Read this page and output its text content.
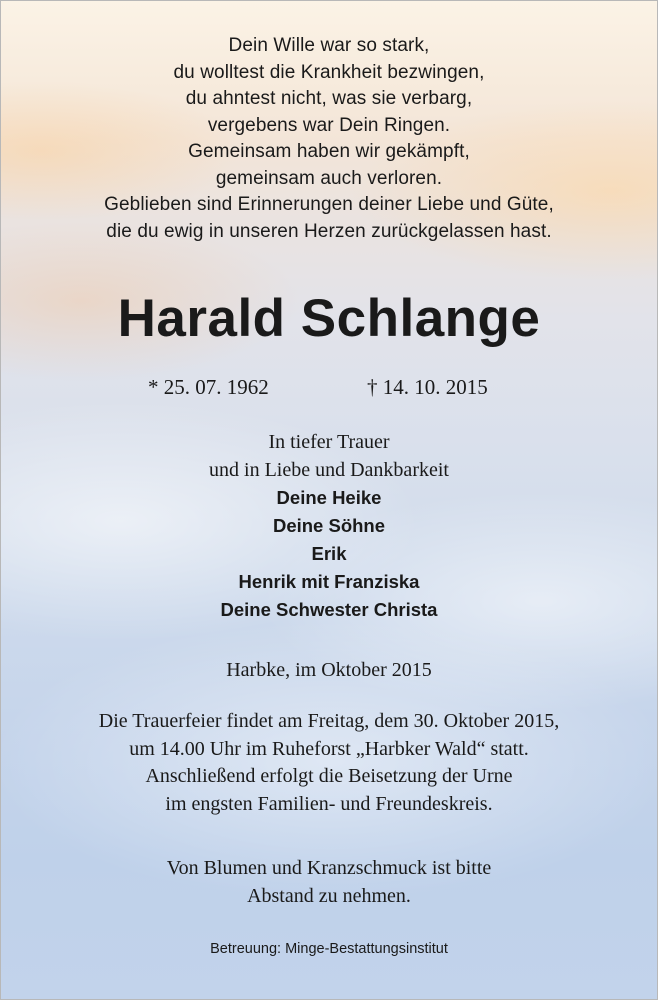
Dein Wille war so stark,
du wolltest die Krankheit bezwingen,
du ahntest nicht, was sie verbarg,
vergebens war Dein Ringen.
Gemeinsam haben wir gekämpft,
gemeinsam auch verloren.
Geblieben sind Erinnerungen deiner Liebe und Güte,
die du ewig in unseren Herzen zurückgelassen hast.
Harald Schlange
* 25. 07. 1962	† 14. 10. 2015
In tiefer Trauer
und in Liebe und Dankbarkeit
Deine Heike
Deine Söhne
Erik
Henrik mit Franziska
Deine Schwester Christa
Harbke, im Oktober 2015
Die Trauerfeier findet am Freitag, dem 30. Oktober 2015,
um 14.00 Uhr im Ruheforst „Harbker Wald“ statt.
Anschließend erfolgt die Beisetzung der Urne
im engsten Familien- und Freundeskreis.
Von Blumen und Kranzschmuck ist bitte
Abstand zu nehmen.
Betreuung: Minge-Bestattungsinstitut
